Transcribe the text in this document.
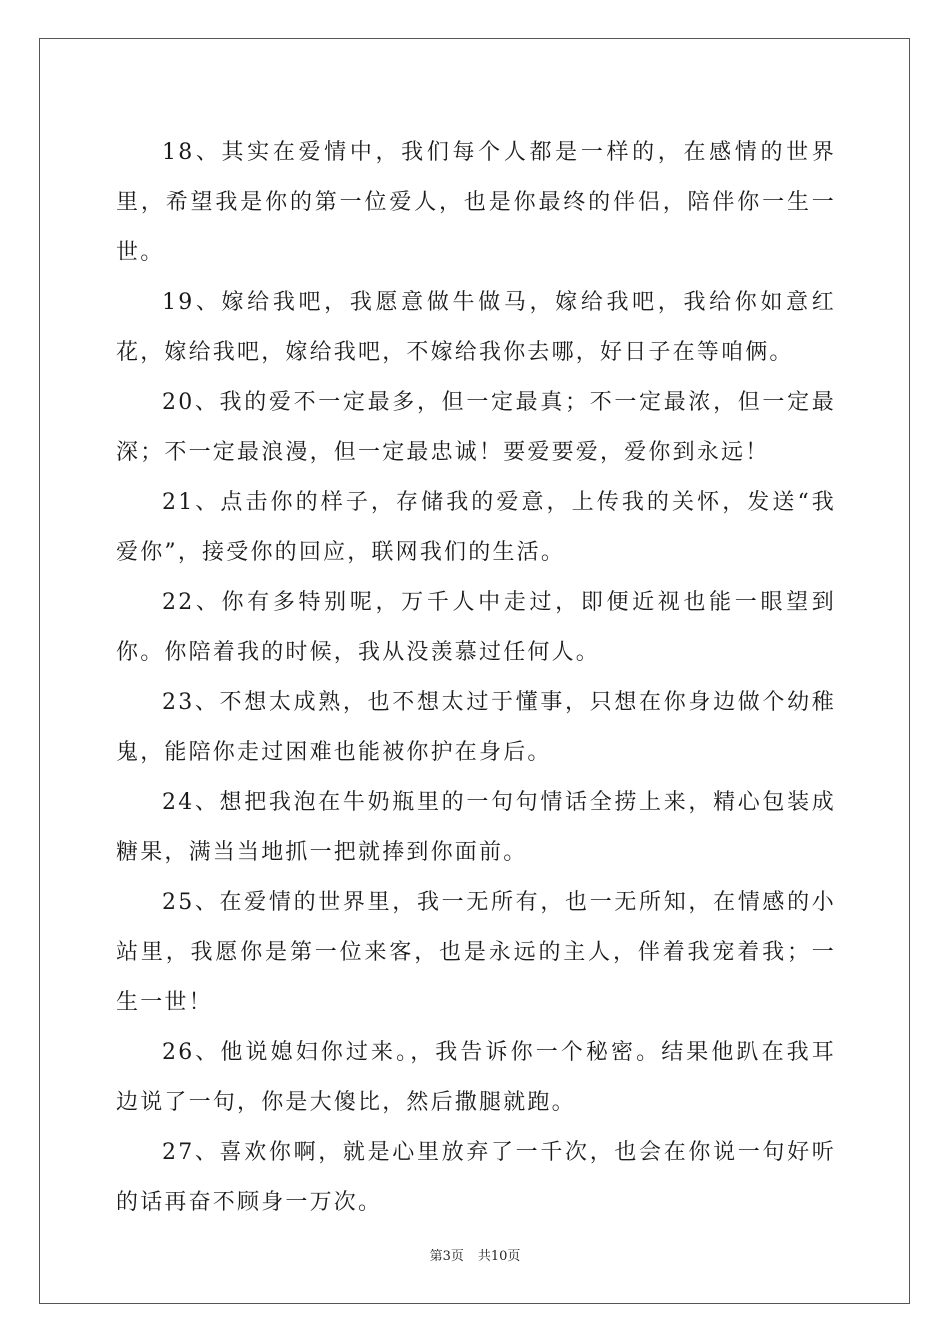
18、其实在爱情中，我们每个人都是一样的，在感情的世界里，希望我是你的第一位爱人，也是你最终的伴侣，陪伴你一生一世。

19、嫁给我吧，我愿意做牛做马，嫁给我吧，我给你如意红花，嫁给我吧，嫁给我吧，不嫁给我你去哪，好日子在等咱俩。

20、我的爱不一定最多，但一定最真；不一定最浓，但一定最深；不一定最浪漫，但一定最忠诚！要爱要爱，爱你到永远！

21、点击你的样子，存储我的爱意，上传我的关怀，发送“我爱你”，接受你的回应，联网我们的生活。

22、你有多特别呢，万千人中走过，即便近视也能一眼望到你。你陪着我的时候，我从没羡慕过任何人。

23、不想太成熟，也不想太过于懂事，只想在你身边做个幼稚鬼，能陪你走过困难也能被你护在身后。

24、想把我泡在牛奶瓶里的一句句情话全捞上来，精心包装成糖果，满当当地抓一把就捧到你面前。

25、在爱情的世界里，我一无所有，也一无所知，在情感的小站里，我愿你是第一位来客，也是永远的主人，伴着我宠着我；一生一世！

26、他说媳妇你过来。，我告诉你一个秘密。结果他趴在我耳边说了一句，你是大傻比，然后撒腿就跑。

27、喜欢你啊，就是心里放弃了一千次，也会在你说一句好听的话再奋不顾身一万次。

第3页 共10页
